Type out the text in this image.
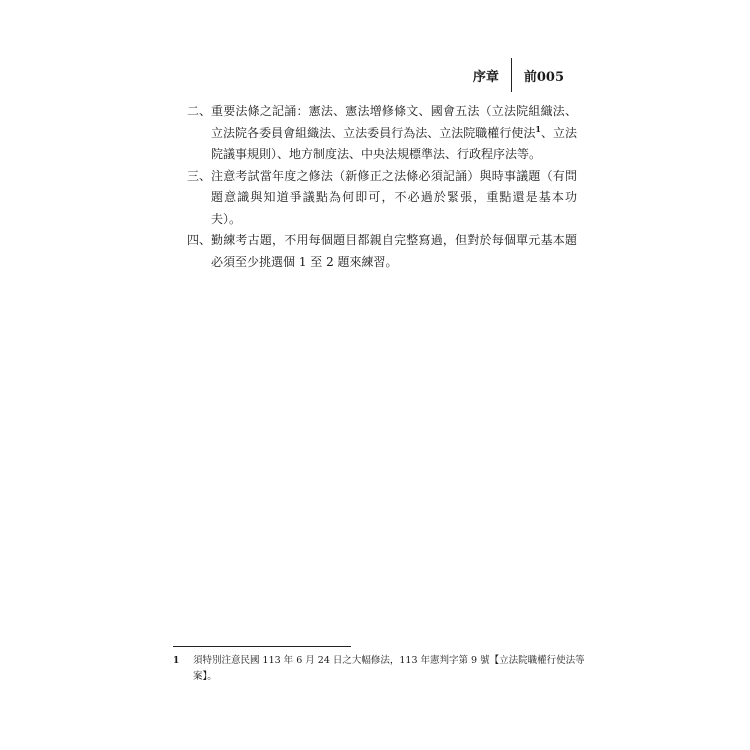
序章	前005
二、 重要法條之記誦：憲法、憲法增修條文、國會五法（立法院組織法、立法院各委員會組織法、立法委員行為法、立法院職權行使法$^1$、立法院議事規則）、地方制度法、中央法規標準法、行政程序法等。
三、 注意考試當年度之修法（新修正之法條必須記誦）與時事議題（有問題意識與知道爭議點為何即可，不必過於緊張，重點還是基本功夫）。
四、 勤練考古題，不用每個題目都親自完整寫過，但對於每個單元基本題必須至少挑選個 1 至 2 題來練習。
1	須特別注意民國 113 年 6 月 24 日之大幅修法，113 年憲判字第 9 號【立法院職權行使法等案】。
